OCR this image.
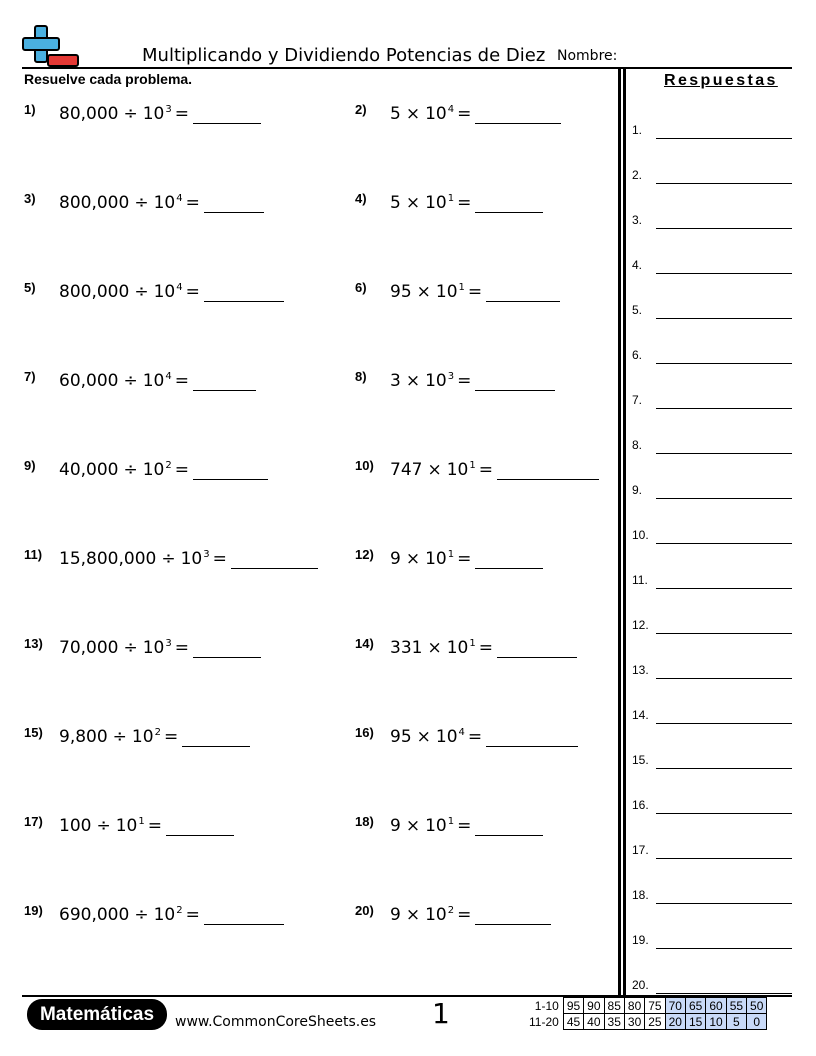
Multiplicando y Dividiendo Potencias de Diez Nombre:
Resuelve cada problema.
1) $80,000 \div 10^3$ =	2) $5 \times 10^4$ =
3) $800,000 \div 10^4$ =	4) $5 \times 10^1$ =
5) $800,000 \div 10^4$ =	6) $95 \times 10^1$ =
7) $60,000 \div 10^4$ =	8) $3 \times 10^3$ =
9) $40,000 \div 10^2$ =	10) $747 \times 10^1$ =
11) $15,800,000 \div 10^3$ =	12) $9 \times 10^1$ =
13) $70,000 \div 10^3$ =	14) $331 \times 10^1$ =
15) $9,800 \div 10^2$ =	16) $95 \times 10^4$ =
17) $100 \div 10^1$ =	18) $9 \times 10^1$ =
19) $690,000 \div 10^2$ =	20) $9 \times 10^2$ =
Respuestas
1.
2.
3.
4.
5.
6.
7.
8.
9.
10.
11.
12.
13.
14.
15.
16.
17.
18.
19.
20.
Matemáticas	www.CommonCoreSheets.es 1	1-10	95	90	85	80	75	70	65	60	55	50
11-20	45	40	35	30	25	20	15	10	5	0
